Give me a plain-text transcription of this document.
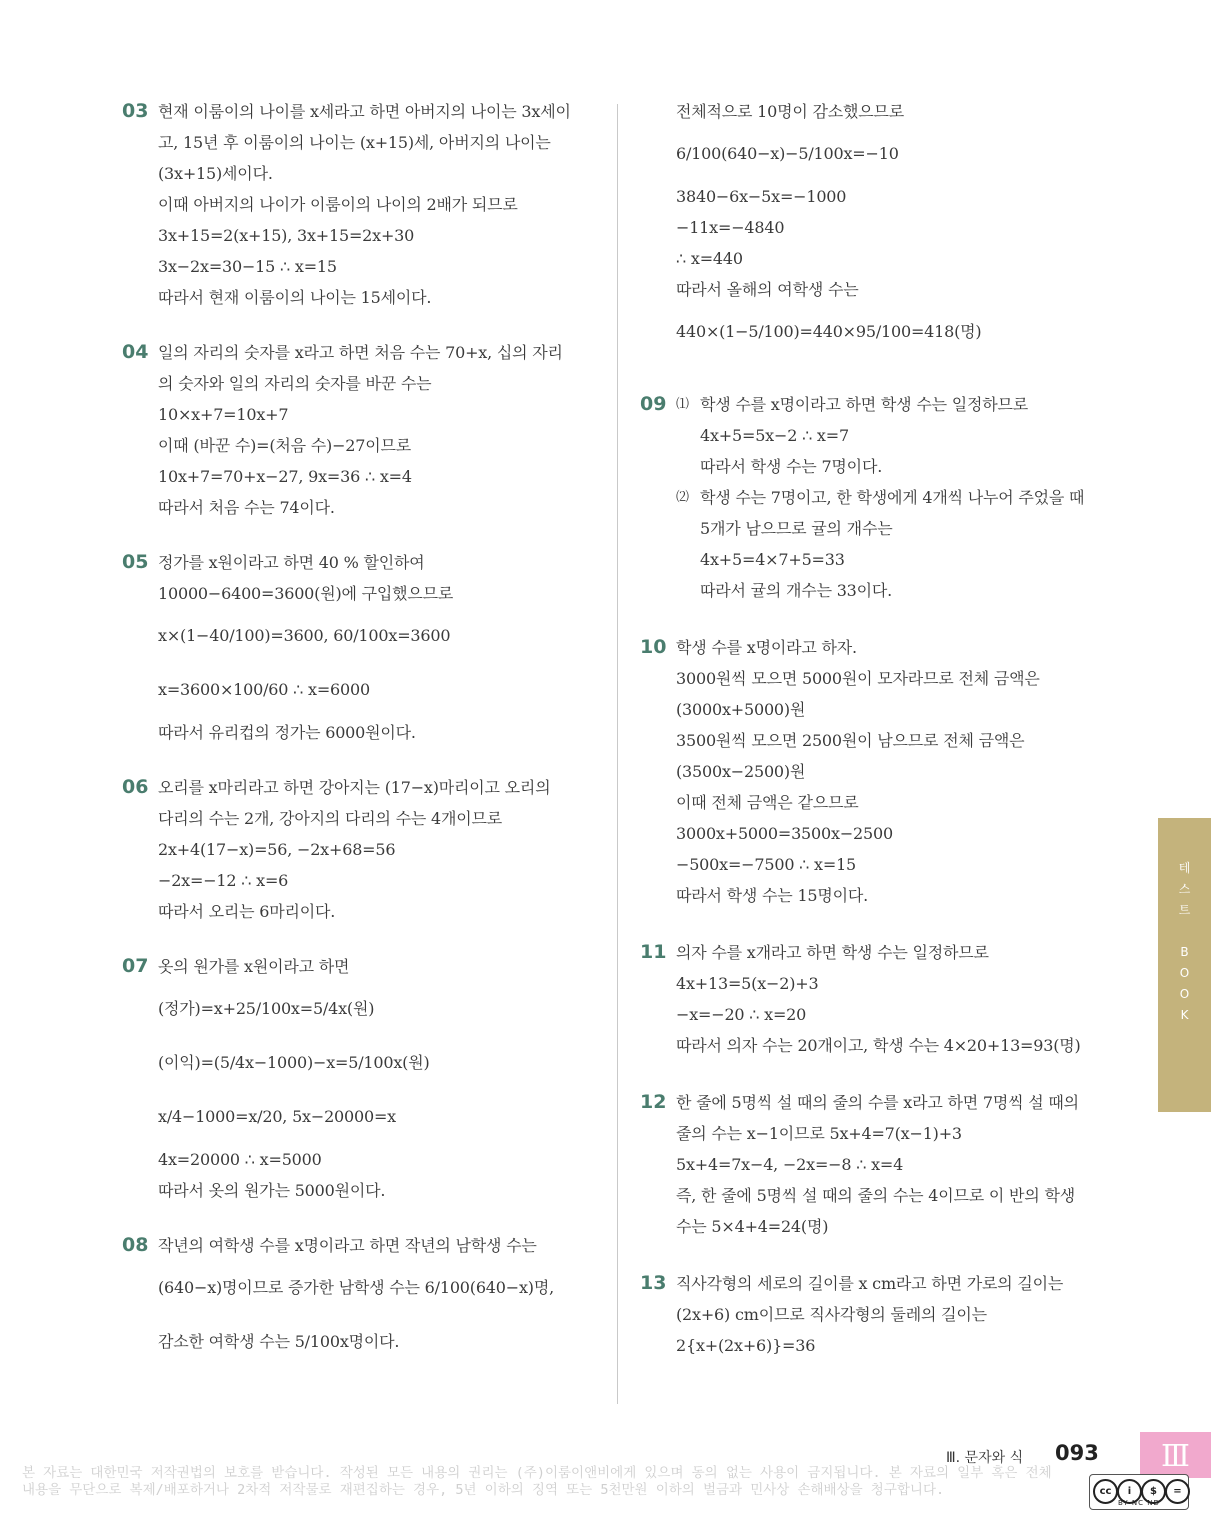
03 현재 이룸이의 나이를 x세라고 하면 아버지의 나이는 3x세이
고, 15년 후 이룸이의 나이는 (x+15)세, 아버지의 나이는
(3x+15)세이다.
이때 아버지의 나이가 이룸이의 나이의 2배가 되므로
3x+15=2(x+15), 3x+15=2x+30
3x−2x=30−15 ∴ x=15
따라서 현재 이룸이의 나이는 15세이다.
04 일의 자리의 숫자를 x라고 하면 처음 수는 70+x, 십의 자리
의 숫자와 일의 자리의 숫자를 바꾼 수는
10×x+7=10x+7
이때 (바꾼 수)=(처음 수)−27이므로
10x+7=70+x−27, 9x=36 ∴ x=4
따라서 처음 수는 74이다.
05 정가를 x원이라고 하면 40 % 할인하여
10000−6400=3600(원)에 구입했으므로
x×(1−40/100)=3600, 60/100x=3600
x=3600×100/60 ∴ x=6000
따라서 유리컵의 정가는 6000원이다.
06 오리를 x마리라고 하면 강아지는 (17−x)마리이고 오리의
다리의 수는 2개, 강아지의 다리의 수는 4개이므로
2x+4(17−x)=56, −2x+68=56
−2x=−12 ∴ x=6
따라서 오리는 6마리이다.
07 옷의 원가를 x원이라고 하면
(정가)=x+25/100x=5/4x(원)
(이익)=(5/4x−1000)−x=5/100x(원)
x/4−1000=x/20, 5x−20000=x
4x=20000 ∴ x=5000
따라서 옷의 원가는 5000원이다.
08 작년의 여학생 수를 x명이라고 하면 작년의 남학생 수는
(640−x)명이므로 증가한 남학생 수는 6/100(640−x)명,
감소한 여학생 수는 5/100x명이다.
전체적으로 10명이 감소했으므로
6/100(640−x)−5/100x=−10
3840−6x−5x=−1000
−11x=−4840
∴ x=440
따라서 올해의 여학생 수는
440×(1−5/100)=440×95/100=418(명)
09 ⑴ 학생 수를 x명이라고 하면 학생 수는 일정하므로
4x+5=5x−2 ∴ x=7
따라서 학생 수는 7명이다.
⑵ 학생 수는 7명이고, 한 학생에게 4개씩 나누어 주었을 때
5개가 남으므로 귤의 개수는
4x+5=4×7+5=33
따라서 귤의 개수는 33이다.
10 학생 수를 x명이라고 하자.
3000원씩 모으면 5000원이 모자라므로 전체 금액은
(3000x+5000)원
3500원씩 모으면 2500원이 남으므로 전체 금액은
(3500x−2500)원
이때 전체 금액은 같으므로
3000x+5000=3500x−2500
−500x=−7500 ∴ x=15
따라서 학생 수는 15명이다.
11 의자 수를 x개라고 하면 학생 수는 일정하므로
4x+13=5(x−2)+3
−x=−20 ∴ x=20
따라서 의자 수는 20개이고, 학생 수는 4×20+13=93(명)
12 한 줄에 5명씩 설 때의 줄의 수를 x라고 하면 7명씩 설 때의
줄의 수는 x−1이므로 5x+4=7(x−1)+3
5x+4=7x−4, −2x=−8 ∴ x=4
즉, 한 줄에 5명씩 설 때의 줄의 수는 4이므로 이 반의 학생
수는 5×4+4=24(명)
13 직사각형의 세로의 길이를 x cm라고 하면 가로의 길이는
(2x+6) cm이므로 직사각형의 둘레의 길이는
2{x+(2x+6)}=36
테
스
트

B
O
O
K
Ⅲ. 문자와 식 093	Ⅲ
본 자료는 대한민국 저작권법의 보호를 받습니다. 작성된 모든 내용의 권리는 (주)이룸이앤비에게 있으며 동의 없는 사용이 금지됩니다. 본 자료의 일부 혹은 전체 내용을 무단으로 복제/배포하거나 2차적 저작물로 재편집하는 경우, 5년 이하의 징역 또는 5천만원 이하의 벌금과 민사상 손해배상을 청구합니다.	cc	i	$	=
BY NC ND
